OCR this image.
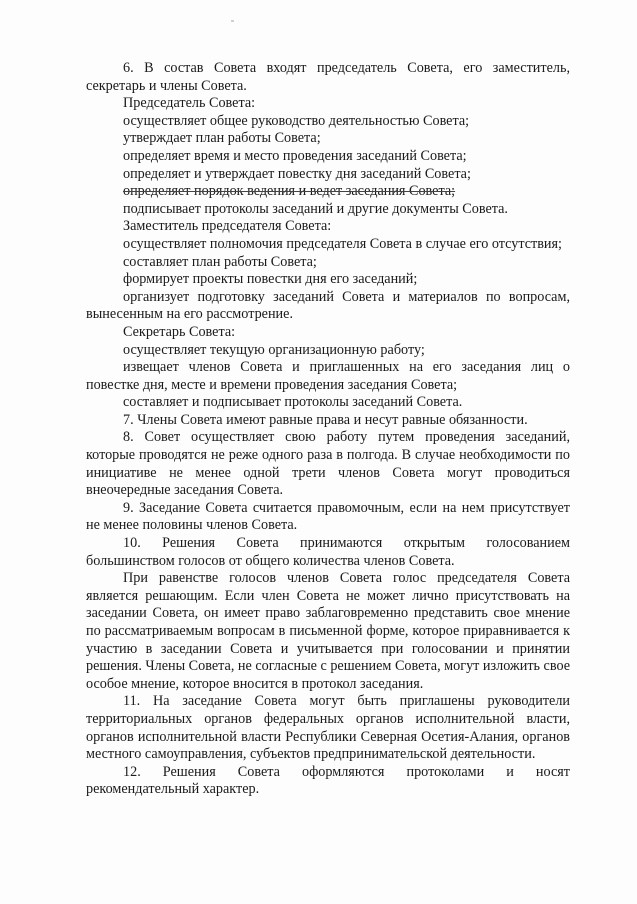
6. В состав Совета входят председатель Совета, его заместитель, секретарь и члены Совета.

Председатель Совета:

осуществляет общее руководство деятельностью Совета;

утверждает план работы Совета;

определяет время и место проведения заседаний Совета;

определяет и утверждает повестку дня заседаний Совета;

определяет порядок ведения и ведет заседания Совета;

подписывает протоколы заседаний и другие документы Совета.

Заместитель председателя Совета:

осуществляет полномочия председателя Совета в случае его отсутствия;

составляет план работы Совета;

формирует проекты повестки дня его заседаний;

организует подготовку заседаний Совета и материалов по вопросам, вынесенным на его рассмотрение.

Секретарь Совета:

осуществляет текущую организационную работу;

извещает членов Совета и приглашенных на его заседания лиц о повестке дня, месте и времени проведения заседания Совета;

составляет и подписывает протоколы заседаний Совета.

7. Члены Совета имеют равные права и несут равные обязанности.

8. Совет осуществляет свою работу путем проведения заседаний, которые проводятся не реже одного раза в полгода. В случае необходимости по инициативе не менее одной трети членов Совета могут проводиться внеочередные заседания Совета.

9. Заседание Совета считается правомочным, если на нем присутствует не менее половины членов Совета.

10. Решения Совета принимаются открытым голосованием большинством голосов от общего количества членов Совета.

При равенстве голосов членов Совета голос председателя Совета является решающим. Если член Совета не может лично присутствовать на заседании Совета, он имеет право заблаговременно представить свое мнение по рассматриваемым вопросам в письменной форме, которое приравнивается к участию в заседании Совета и учитывается при голосовании и принятии решения. Члены Совета, не согласные с решением Совета, могут изложить свое особое мнение, которое вносится в протокол заседания.

11. На заседание Совета могут быть приглашены руководители территориальных органов федеральных органов исполнительной власти, органов исполнительной власти Республики Северная Осетия-Алания, органов местного самоуправления, субъектов предпринимательской деятельности.

12. Решения Совета оформляются протоколами и носят рекомендательный характер.
